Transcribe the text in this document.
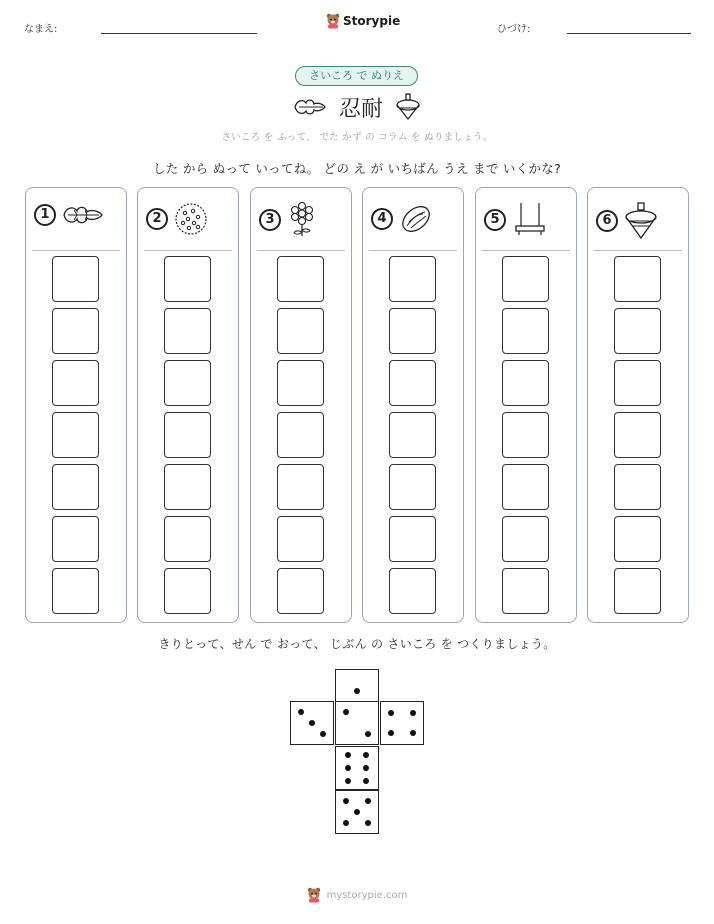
なまえ:
Storypie
ひづけ:
さいころ で ぬりえ
忍耐
さいころ を ふって、 でた かず の コラム を ぬりましょう。
した から ぬって いってね。 どの え が いちばん うえ まで いくかな?
1	2	3	4	5	6
きりとって、せん で おって、 じぶん の さいころ を つくりましょう。
mystorypie.com
